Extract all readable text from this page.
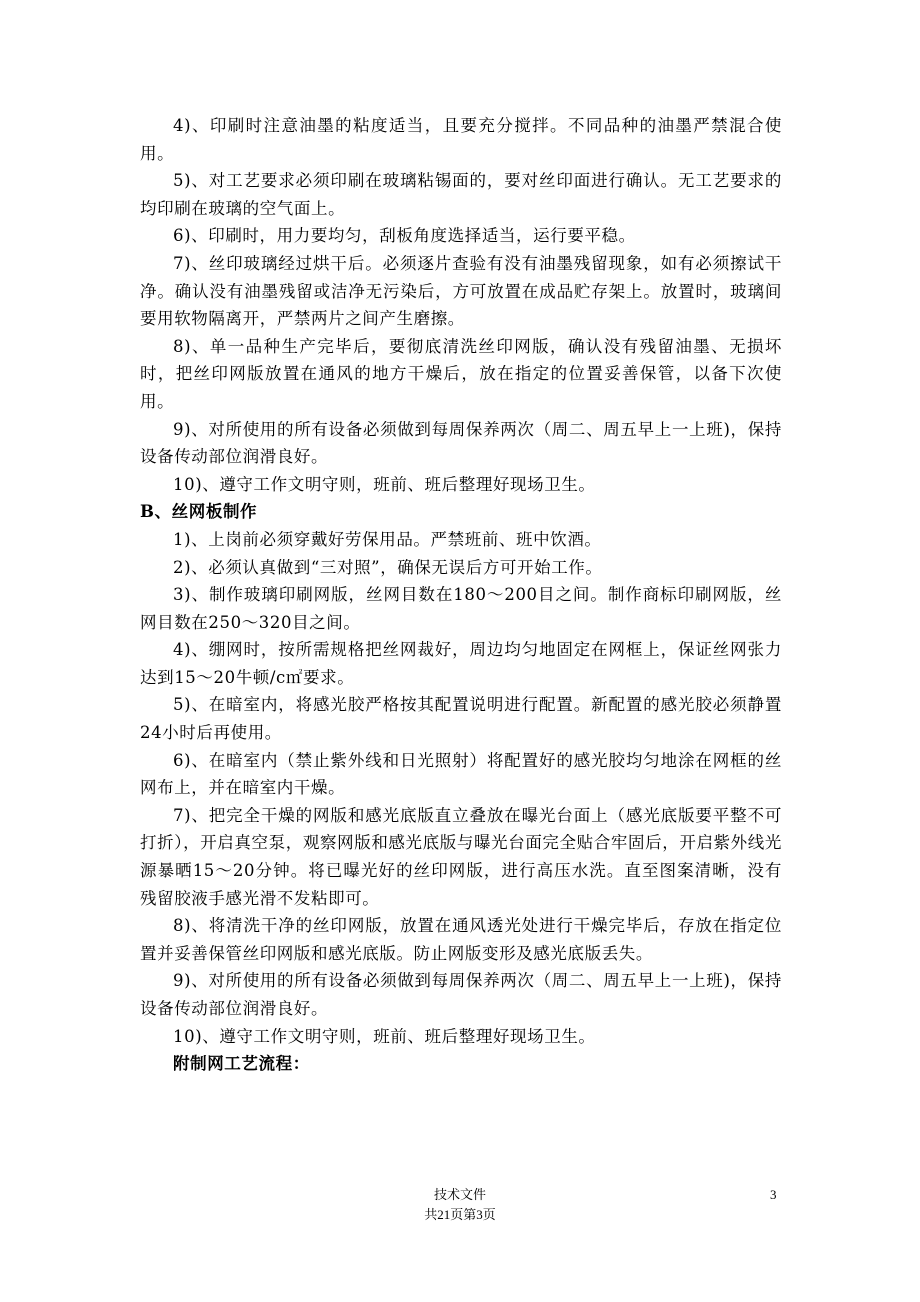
4)、印刷时注意油墨的粘度适当，且要充分搅拌。不同品种的油墨严禁混合使用。

5)、对工艺要求必须印刷在玻璃粘锡面的，要对丝印面进行确认。无工艺要求的均印刷在玻璃的空气面上。

6)、印刷时，用力要均匀，刮板角度选择适当，运行要平稳。

7)、丝印玻璃经过烘干后。必须逐片查验有没有油墨残留现象，如有必须擦试干净。确认没有油墨残留或洁净无污染后，方可放置在成品贮存架上。放置时，玻璃间要用软物隔离开，严禁两片之间产生磨擦。

8)、单一品种生产完毕后，要彻底清洗丝印网版，确认没有残留油墨、无损坏时，把丝印网版放置在通风的地方干燥后，放在指定的位置妥善保管，以备下次使用。

9)、对所使用的所有设备必须做到每周保养两次（周二、周五早上一上班)，保持设备传动部位润滑良好。

10)、遵守工作文明守则，班前、班后整理好现场卫生。

B、丝网板制作

1)、上岗前必须穿戴好劳保用品。严禁班前、班中饮酒。

2)、必须认真做到“三对照”，确保无误后方可开始工作。

3)、制作玻璃印刷网版，丝网目数在180～200目之间。制作商标印刷网版，丝网目数在250～320目之间。

4)、绷网时，按所需规格把丝网裁好，周边均匀地固定在网框上，保证丝网张力达到15～20牛顿/c㎡要求。

5)、在暗室内，将感光胶严格按其配置说明进行配置。新配置的感光胶必须静置24小时后再使用。

6)、在暗室内（禁止紫外线和日光照射）将配置好的感光胶均匀地涂在网框的丝网布上，并在暗室内干燥。

7)、把完全干燥的网版和感光底版直立叠放在曝光台面上（感光底版要平整不可打折），开启真空泵，观察网版和感光底版与曝光台面完全贴合牢固后，开启紫外线光源暴晒15～20分钟。将已曝光好的丝印网版，进行高压水洗。直至图案清晰，没有残留胶液手感光滑不发粘即可。

8)、将清洗干净的丝印网版，放置在通风透光处进行干燥完毕后，存放在指定位置并妥善保管丝印网版和感光底版。防止网版变形及感光底版丢失。

9)、对所使用的所有设备必须做到每周保养两次（周二、周五早上一上班)，保持设备传动部位润滑良好。

10)、遵守工作文明守则，班前、班后整理好现场卫生。

附制网工艺流程：

技术文件
共21页第3页
3
